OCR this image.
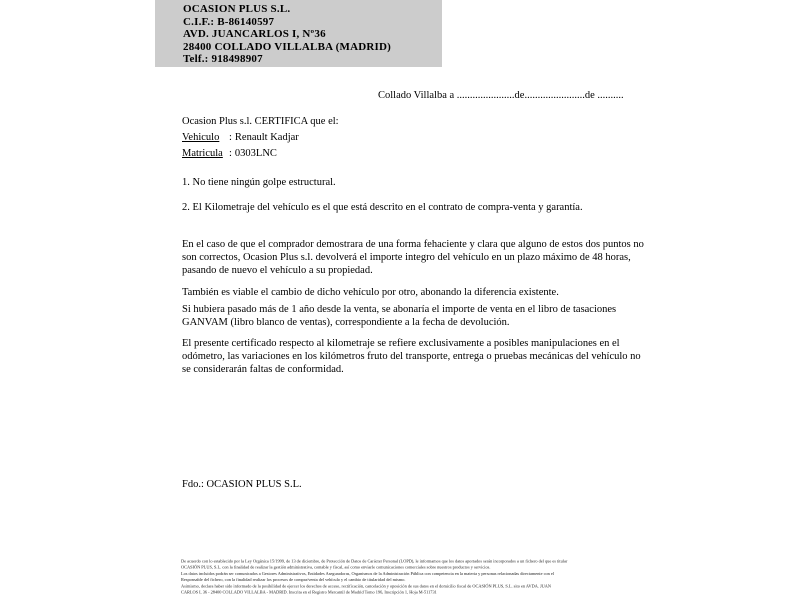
OCASION PLUS S.L.
C.I.F.: B-86140597
AVD. JUANCARLOS I, Nº36
28400 COLLADO VILLALBA (MADRID)
Telf.: 918498907
Collado Villalba a ......................de.......................de ..........
Ocasion Plus s.l. CERTIFICA que el:
Vehiculo : Renault Kadjar
Matricula : 0303LNC
1. No tiene ningún golpe estructural.
2. El Kilometraje del vehículo es el que está descrito en el contrato de compra-venta y garantía.
En el caso de que el comprador demostrara de una forma fehaciente y clara que alguno de estos dos puntos no son correctos, Ocasion Plus s.l. devolverá el importe integro del vehículo en un plazo máximo de 48 horas, pasando de nuevo el vehículo a su propiedad.
También es viable el cambio de dicho vehículo por otro, abonando la diferencia existente.
Si hubiera pasado más de 1 año desde la venta, se abonaría el importe de venta en el libro de tasaciones GANVAM (libro blanco de ventas), correspondiente a la fecha de devolución.
El presente certificado respecto al kilometraje se refiere exclusivamente a posibles manipulaciones en el odómetro, las variaciones en los kilómetros fruto del transporte, entrega o pruebas mecánicas del vehículo no se considerarán faltas de conformidad.
Fdo.: OCASION PLUS S.L.
De acuerdo con lo establecido por la Ley Orgánica 15/1999, de 13 de diciembre, de Protección de Datos de Carácter Personal (LOPD), le informamos que los datos aportados serán incorporados a un fichero del que es titular
OCASIÓN PLUS, S.L. con la finalidad de realizar la gestión administrativa, contable y fiscal, así como enviarle comunicaciones comerciales sobre nuestros productos y servicios.
Los datos incluidos podrán ser comunicados a Gestores Administrativos, Entidades Aseguradoras, Organismos de la Administración Pública con competencia en la materia y personas relacionadas directamente con el
Responsable del fichero, con la finalidad realizar los procesos de compra/venta del vehículo y el cambio de titularidad del mismo.
Asimismo, declara haber sido informado de la posibilidad de ejercer los derechos de acceso, rectificación, cancelación y oposición de sus datos en el domicilio fiscal de OCASIÓN PLUS, S.L. sito en AVDA. JUAN
CARLOS I, 36 - 28400 COLLADO VILLALBA - MADRID. Inscrita en el Registro Mercantil de Madrid Tomo 196, Inscripción 1, Hoja M-511731
